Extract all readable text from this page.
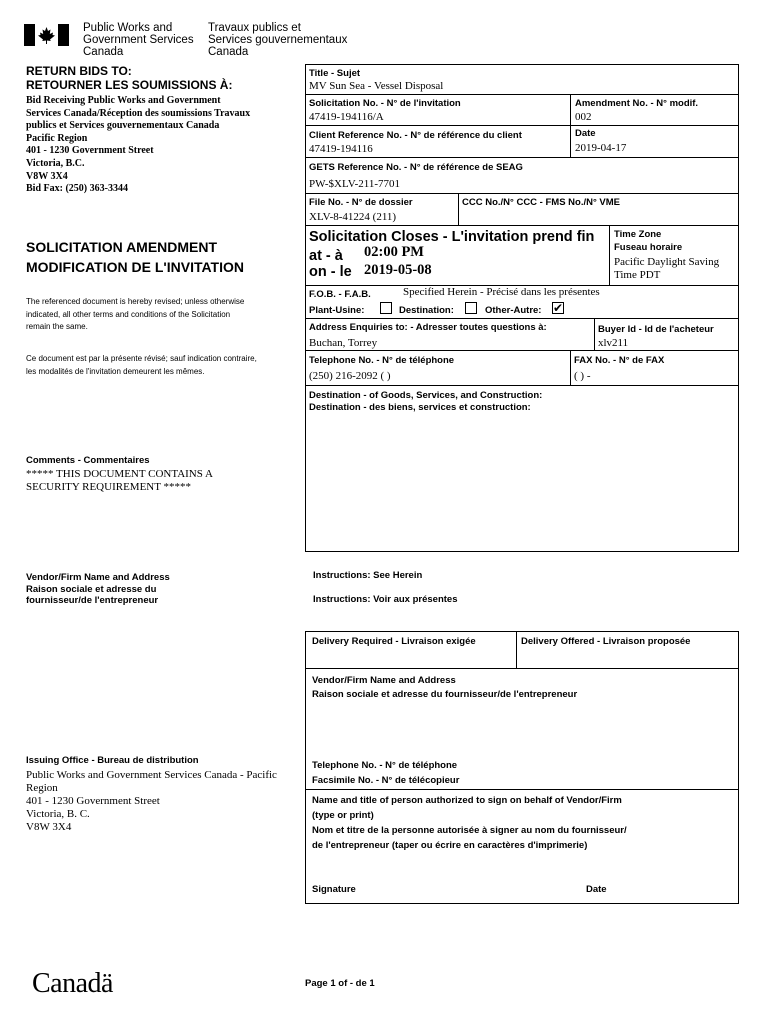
Public Works and
Government Services
Canada
Travaux publics et
Services gouvernementaux
Canada
RETURN BIDS TO:
RETOURNER LES SOUMISSIONS À:
Bid Receiving Public Works and Government
Services Canada/Réception des soumissions Travaux
publics et Services gouvernementaux Canada
Pacific Region
401 - 1230 Government Street
Victoria, B.C.
V8W 3X4
Bid Fax: (250) 363-3344
SOLICITATION AMENDMENT
MODIFICATION DE L'INVITATION
The referenced document is hereby revised; unless otherwise
indicated, all other terms and conditions of the Solicitation
remain the same.
Ce document est par la présente révisé; sauf indication contraire,
les modalités de l'invitation demeurent les mêmes.
Comments - Commentaires
***** THIS DOCUMENT CONTAINS A
SECURITY REQUIREMENT *****
Vendor/Firm Name and Address
Raison sociale et adresse du
fournisseur/de l'entrepreneur
Issuing Office - Bureau de distribution
Public Works and Government Services Canada - Pacific
Region
401 - 1230 Government Street
Victoria, B. C.
V8W 3X4
Title - Sujet
MV Sun Sea - Vessel Disposal
Solicitation No. - N° de l'invitation
47419-194116/A
Amendment No. - N° modif.
002
Client Reference No. - N° de référence du client
47419-194116
Date
2019-04-17
GETS Reference No. - N° de référence de SEAG
PW-$XLV-211-7701
File No. - N° de dossier
XLV-8-41224 (211)
CCC No./N° CCC - FMS No./N° VME
Solicitation Closes - L'invitation prend fin
at - à 02:00 PM
on - le 2019-05-08
Time Zone
Fuseau horaire
Pacific Daylight Saving
Time PDT
F.O.B. - F.A.B.	Specified Herein - Précisé dans les présentes
Plant-Usine:	Destination:	Other-Autre: ✔
Address Enquiries to: - Adresser toutes questions à:
Buchan, Torrey
Buyer Id - Id de l'acheteur
xlv211
Telephone No. - N° de téléphone
(250) 216-2092 ( )
FAX No. - N° de FAX
( ) -
Destination - of Goods, Services, and Construction:
Destination - des biens, services et construction:
Instructions: See Herein
Instructions: Voir aux présentes
Delivery Required - Livraison exigée	Delivery Offered - Livraison proposée
Vendor/Firm Name and Address
Raison sociale et adresse du fournisseur/de l'entrepreneur
Telephone No. - N° de téléphone
Facsimile No. - N° de télécopieur
Name and title of person authorized to sign on behalf of Vendor/Firm
(type or print)
Nom et titre de la personne autorisée à signer au nom du fournisseur/
de l'entrepreneur (taper ou écrire en caractères d'imprimerie)
Signature	Date
Canadä	Page 1 of - de 1
